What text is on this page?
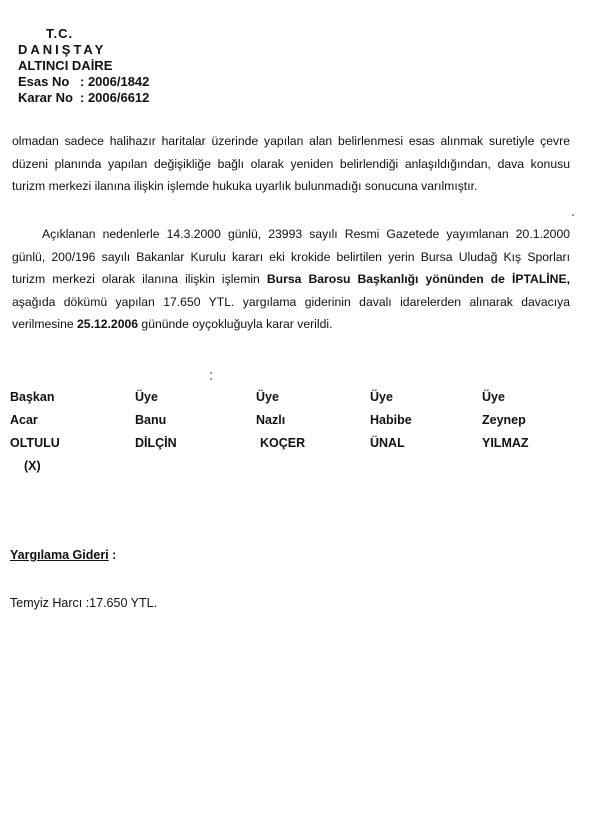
T.C.
DANIŞTAY
ALTINCI DAİRE
Esas No : 2006/1842
Karar No : 2006/6612
olmadan sadece halihazır haritalar üzerinde yapılan alan belirlenmesi esas alınmak suretiyle çevre düzeni planında yapılan değişikliğe bağlı olarak yeniden belirlendiği anlaşıldığından, dava konusu turizm merkezi ilanına ilişkin işlemde hukuka uyarlık bulunmadığı sonucuna varılmıştır.
Açıklanan nedenlerle 14.3.2000 günlü, 23993 sayılı Resmi Gazetede yayımlanan 20.1.2000 günlü, 200/196 sayılı Bakanlar Kurulu kararı eki krokide belirtilen yerin Bursa Uludağ Kış Sporları turizm merkezi olarak ilanına ilişkin işlemin Bursa Barosu Başkanlığı yönünden de İPTALİNE, aşağıda dökümü yapılan 17.650 YTL. yargılama giderinin davalı idarelerden alınarak davacıya verilmesine 25.12.2006 gününde oyçokluğuyla karar verildi.
Başkan
Acar
OLTULU
(X)
Üye
Banu
DİLÇİN
Üye
Nazlı
KOÇER
Üye
Habibe
ÜNAL
Üye
Zeynep
YILMAZ
Yargılama Gideri :
Temyiz Harcı :17.650 YTL.
